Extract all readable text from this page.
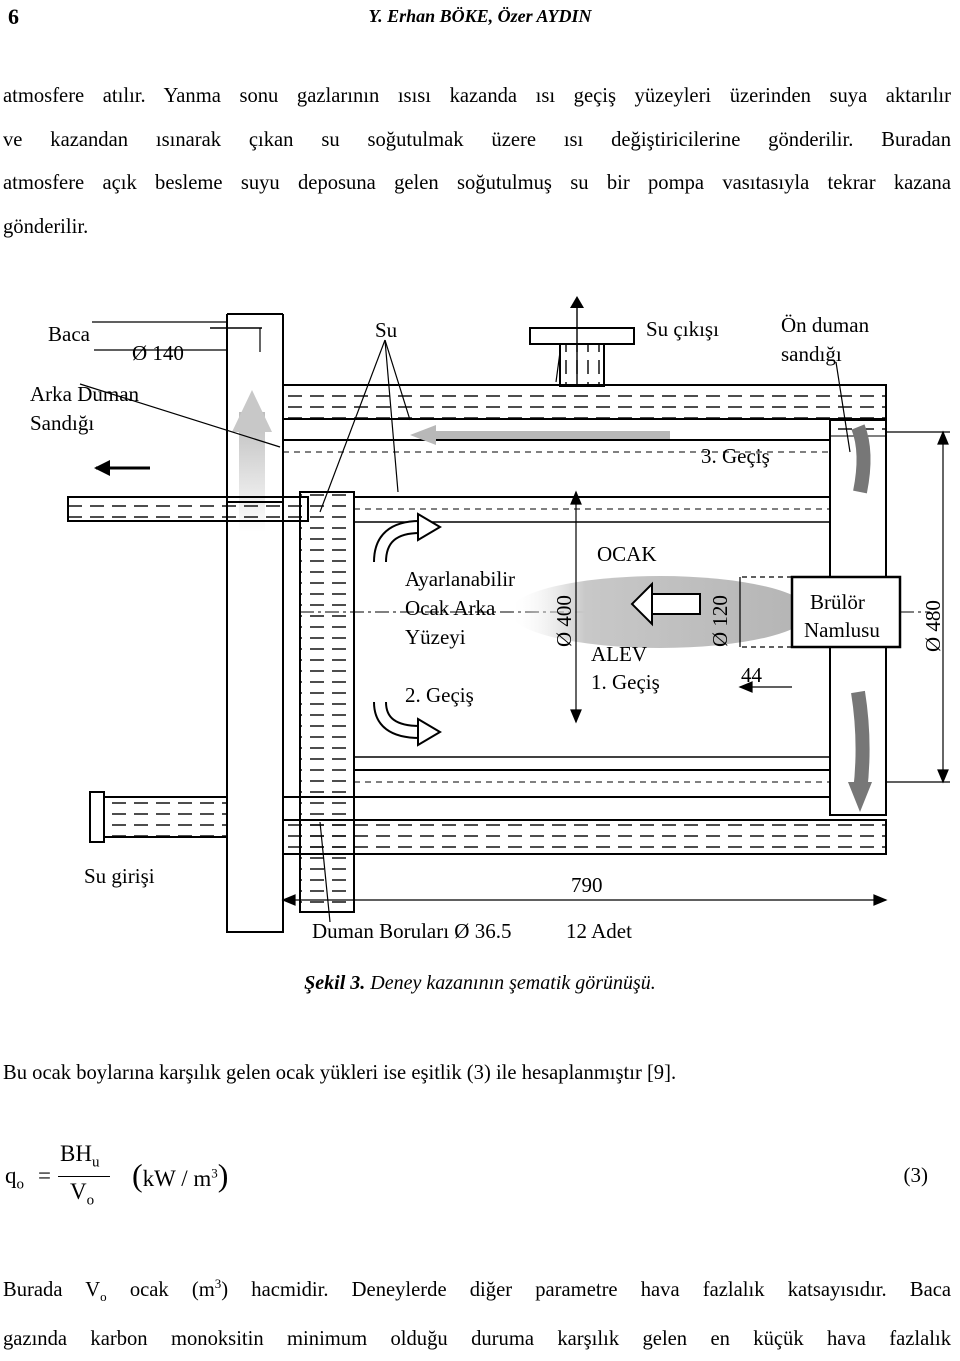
6	Y. Erhan BÖKE, Özer AYDIN
atmosfere atılır. Yanma sonu gazlarının ısısı kazanda ısı geçiş yüzeyleri üzerinden suya aktarılır
ve kazandan ısınarak çıkan su soğutulmak üzere ısı değiştiricilerine gönderilir. Buradan
atmosfere açık besleme suyu deposuna gelen soğutulmuş su bir pompa vasıtasıyla tekrar kazana
gönderilir.
Baca
Ø 140
Arka Duman
Sandığı
Su	Su çıkışı	Ön duman
sandığı
3. Geçiş
OCAK
Ayarlanabilir
Ocak Arka
Yüzeyi	Ø 400	Ø 120	Brülör
Namlusu Ø 480
ALEV
1. Geçiş
2. Geçiş
44
Su girişi	790
Duman Boruları Ø 36.5	12 Adet
Şekil 3. Deney kazanının şematik görünüşü.
Bu ocak boylarına karşılık gelen ocak yükleri ise eşitlik (3) ile hesaplanmıştır [9].
$q_o$ =
$BH_u$
$V_o$
$(kW / m^3)$	(3)
Burada $V_o$ ocak $(m^3)$ hacmidir. Deneylerde diğer parametre hava fazlalık katsayısıdır. Baca
gazında karbon monoksitin minimum olduğu duruma karşılık gelen en küçük hava fazlalık
